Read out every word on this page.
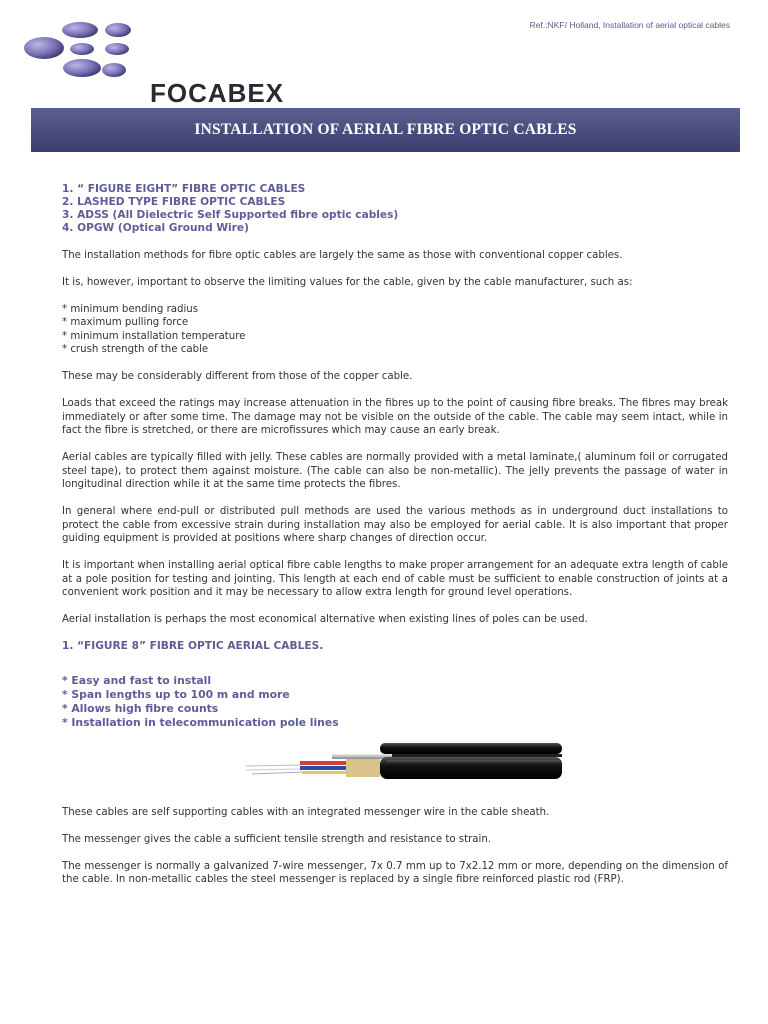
Ref.:NKF/ Holland, Installation of aerial optical cables
FOCABEX
INSTALLATION OF AERIAL FIBRE OPTIC CABLES
1. “ FIGURE EIGHT” FIBRE OPTIC CABLES
2. LASHED TYPE FIBRE OPTIC CABLES
3. ADSS (All Dielectric Self Supported fibre optic cables)
4. OPGW (Optical Ground Wire)

The installation methods for fibre optic cables are largely the same as those with conventional copper cables.

It is, however, important to observe the limiting values for the cable, given by the cable manufacturer, such as:

* minimum bending radius
* maximum pulling force
* minimum installation temperature
* crush strength of the cable

These may be considerably different from those of the copper cable.

Loads that exceed the ratings may increase attenuation in the fibres up to the point of causing fibre breaks. The fibres may break immediately or after some time. The damage may not be visible on the outside of the cable. The cable may seem intact, while in fact the fibre is stretched, or there are microfissures which may cause an early break.

Aerial cables are typically filled with jelly. These cables are normally provided with a metal laminate,( aluminum foil or corrugated steel tape), to protect them against moisture. (The cable can also be non-metallic). The jelly prevents the passage of water in longitudinal direction while it at the same time protects the fibres.

In general where end-pull or distributed pull methods are used the various methods as in underground duct installations to protect the cable from excessive strain during installation may also be employed for aerial cable. It is also important that proper guiding equipment is provided at positions where sharp changes of direction occur.

It is important when installing aerial optical fibre cable lengths to make proper arrangement for an adequate extra length of cable at a pole position for testing and jointing. This length at each end of cable must be sufficient to enable construction of joints at a convenient work position and it may be necessary to allow extra length for ground level operations.

Aerial installation is perhaps the most economical alternative when existing lines of poles can be used.

1. “FIGURE 8” FIBRE OPTIC AERIAL CABLES.
* Easy and fast to install
* Span lengths up to 100 m and more
* Allows high fibre counts
* Installation in telecommunication pole lines

These cables are self supporting cables with an integrated messenger wire in the cable sheath.

The messenger gives the cable a sufficient tensile strength and resistance to strain.

The messenger is normally a galvanized 7-wire messenger, 7x 0.7 mm up to 7x2.12 mm or more, depending on the dimension of the cable. In non-metallic cables the steel messenger is replaced by a single fibre reinforced plastic rod (FRP).
